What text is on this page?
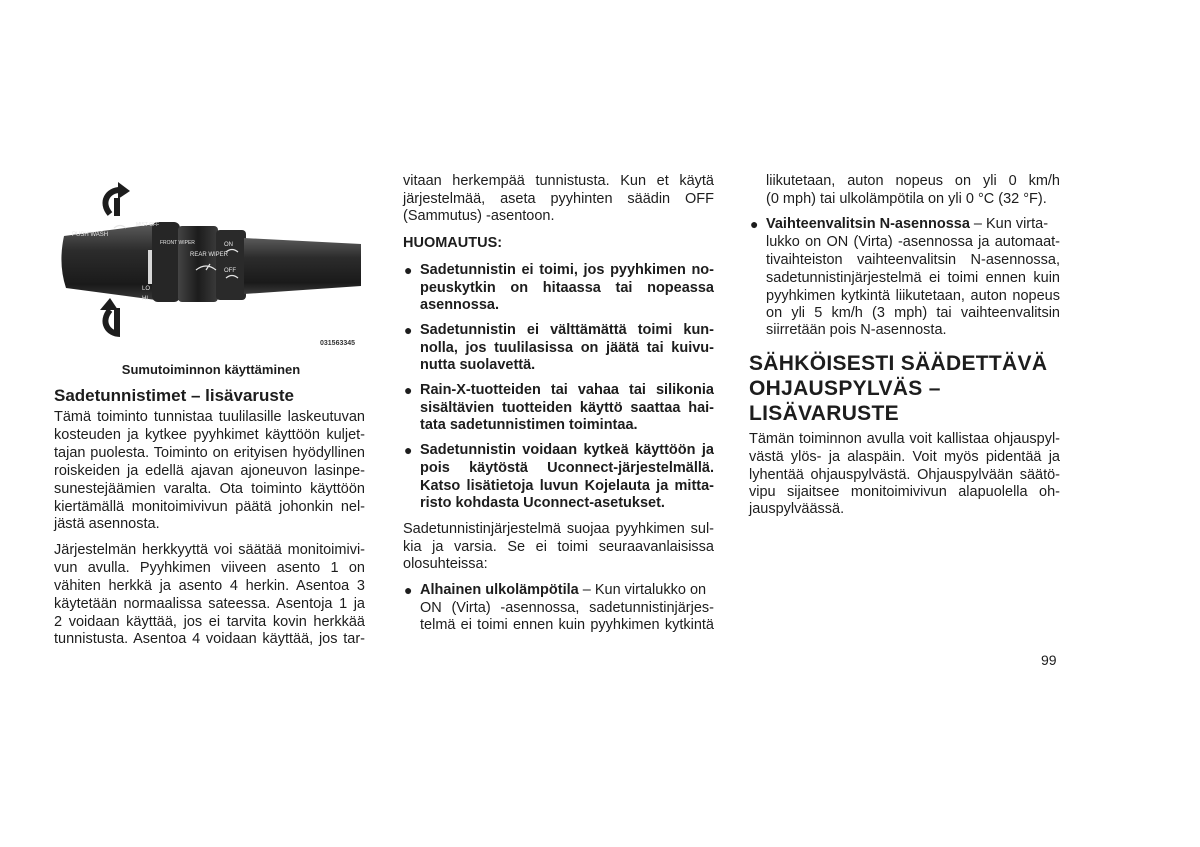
PUSH WASH
MIST OFF
FRONT WIPER
REAR WIPER
ON
OFF
LO
HI
031563345
Sumutoiminnon käyttäminen
Sadetunnistimet – lisävaruste

Tämä toiminto tunnistaa tuulilasille laskeutuvan

kosteuden ja kytkee pyyhkimet käyttöön kuljet-

tajan puolesta. Toiminto on erityisen hyödyllinen

roiskeiden ja edellä ajavan ajoneuvon lasinpe-

sunestejäämien varalta. Ota toiminto käyttöön

kiertämällä monitoimivivun päätä johonkin nel-

jästä asennosta.

Järjestelmän herkkyyttä voi säätää monitoimivi-

vun avulla. Pyyhkimen viiveen asento 1 on

vähiten herkkä ja asento 4 herkin. Asentoa 3

käytetään normaalissa sateessa. Asentoja 1 ja

2 voidaan käyttää, jos ei tarvita kovin herkkää

tunnistusta. Asentoa 4 voidaan käyttää, jos tar-

vitaan herkempää tunnistusta. Kun et käytä

järjestelmää, aseta pyyhinten säädin OFF

(Sammutus) -asentoon.

HUOMAUTUS:

● Sadetunnistin ei toimi, jos pyyhkimen no-

peuskytkin on hitaassa tai nopeassa

asennossa.

● Sadetunnistin ei välttämättä toimi kun-

nolla, jos tuulilasissa on jäätä tai kuivu-

nutta suolavettä.

● Rain-X-tuotteiden tai vahaa tai silikonia

sisältävien tuotteiden käyttö saattaa hai-

tata sadetunnistimen toimintaa.

● Sadetunnistin voidaan kytkeä käyttöön ja

pois käytöstä Uconnect-järjestelmällä.

Katso lisätietoja luvun Kojelauta ja mitta-

risto kohdasta Uconnect-asetukset.

Sadetunnistinjärjestelmä suojaa pyyhkimen sul-

kia ja varsia. Se ei toimi seuraavanlaisissa

olosuhteissa:

● Alhainen ulkolämpötila – Kun virtalukko on

ON (Virta) -asennossa, sadetunnistinjärjes-

telmä ei toimi ennen kuin pyyhkimen kytkintä

liikutetaan, auton nopeus on yli 0 km/h

(0 mph) tai ulkolämpötila on yli 0 °C (32 °F).

● Vaihteenvalitsin N-asennossa – Kun virta-

lukko on ON (Virta) -asennossa ja automaat-

tivaihteiston vaihteenvalitsin N-asennossa,

sadetunnistinjärjestelmä ei toimi ennen kuin

pyyhkimen kytkintä liikutetaan, auton nopeus

on yli 5 km/h (3 mph) tai vaihteenvalitsin

siirretään pois N-asennosta.

SÄHKÖISESTI SÄÄDETTÄVÄ
OHJAUSPYLVÄS –
LISÄVARUSTE

Tämän toiminnon avulla voit kallistaa ohjauspyl-

västä ylös- ja alaspäin. Voit myös pidentää ja

lyhentää ohjauspylvästä. Ohjauspylvään säätö-

vipu sijaitsee monitoimivivun alapuolella oh-

jauspylväässä.

99
